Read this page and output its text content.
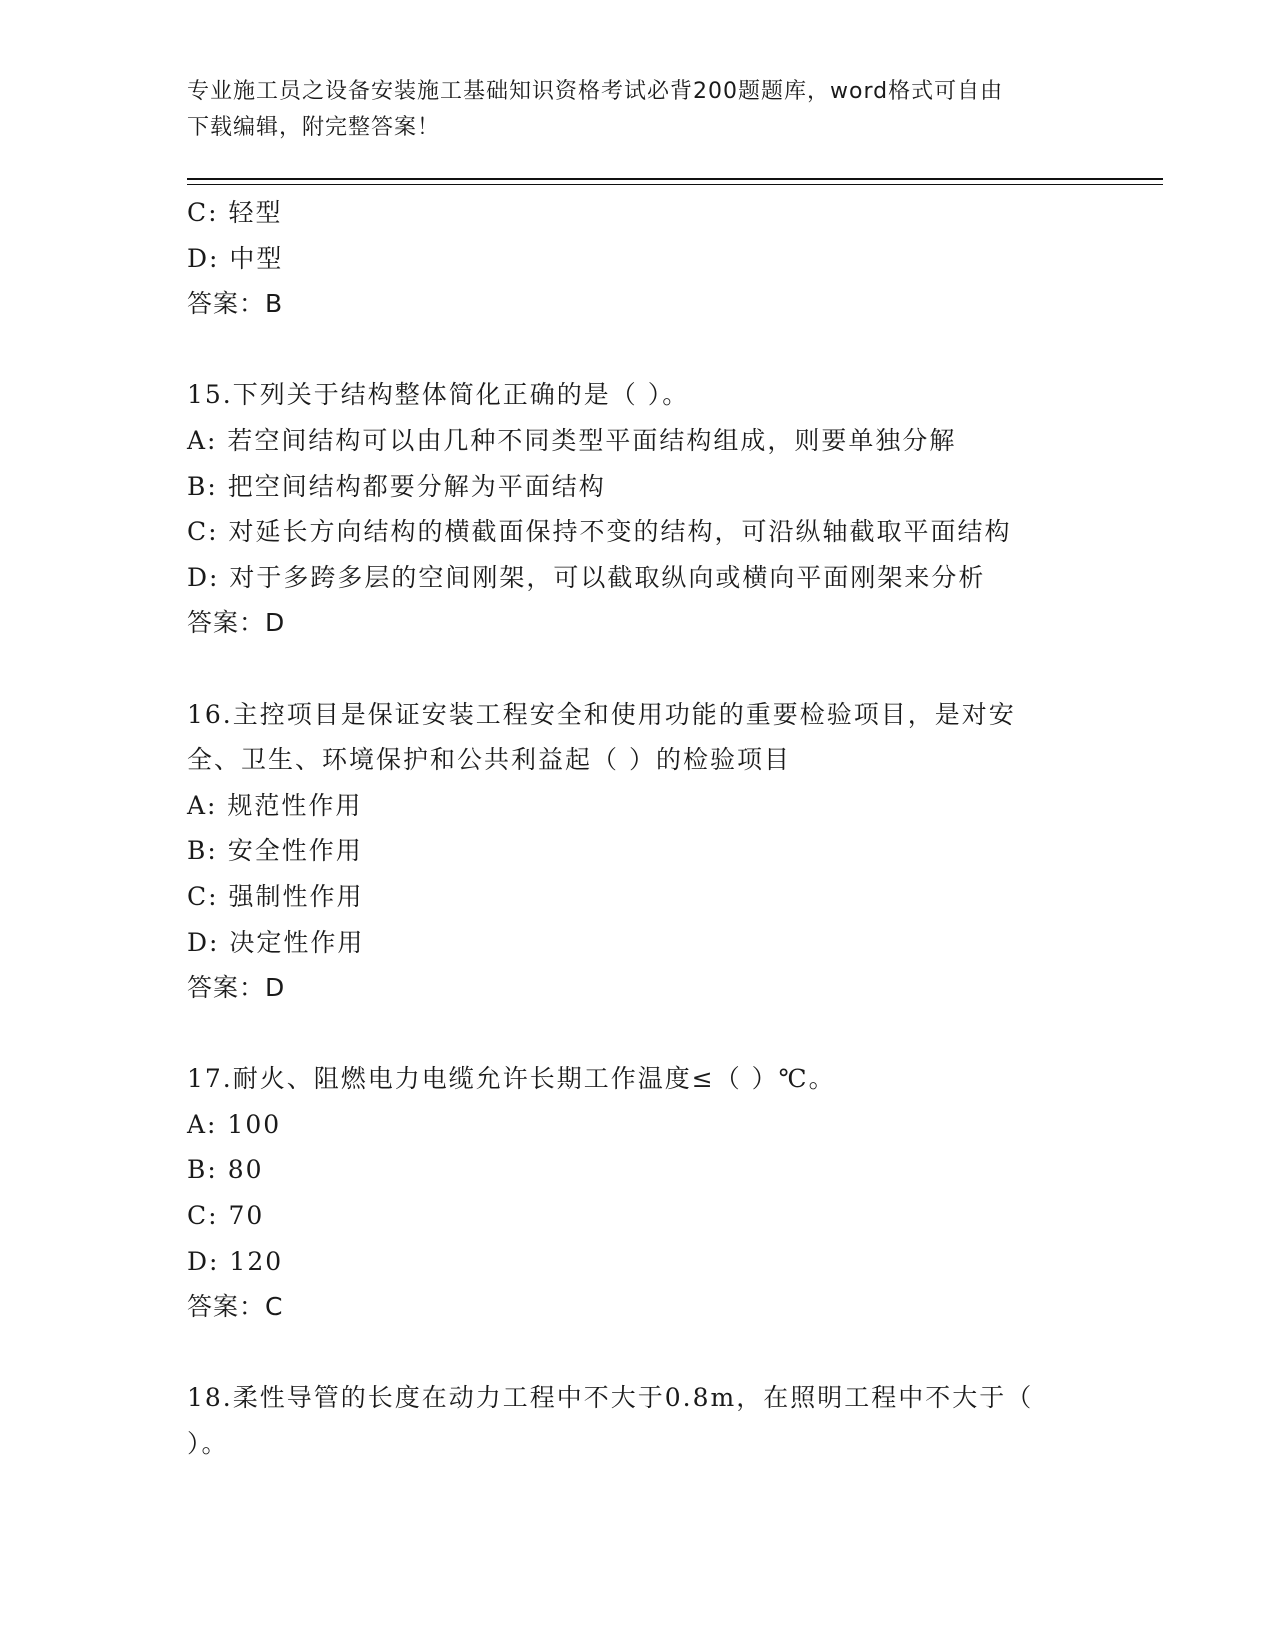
专业施工员之设备安装施工基础知识资格考试必背200题题库，word格式可自由
下载编辑，附完整答案！
C: 轻型
D: 中型
答案：B
15.下列关于结构整体简化正确的是（ ）。
A: 若空间结构可以由几种不同类型平面结构组成，则要单独分解
B: 把空间结构都要分解为平面结构
C: 对延长方向结构的横截面保持不变的结构，可沿纵轴截取平面结构
D: 对于多跨多层的空间刚架，可以截取纵向或横向平面刚架来分析
答案：D
16.主控项目是保证安装工程安全和使用功能的重要检验项目，是对安
全、卫生、环境保护和公共利益起（ ）的检验项目
A: 规范性作用
B: 安全性作用
C: 强制性作用
D: 决定性作用
答案：D
17.耐火、阻燃电力电缆允许长期工作温度≤（ ）℃。
A: 100
B: 80
C: 70
D: 120
答案：C
18.柔性导管的长度在动力工程中不大于0.8m，在照明工程中不大于（
）。
